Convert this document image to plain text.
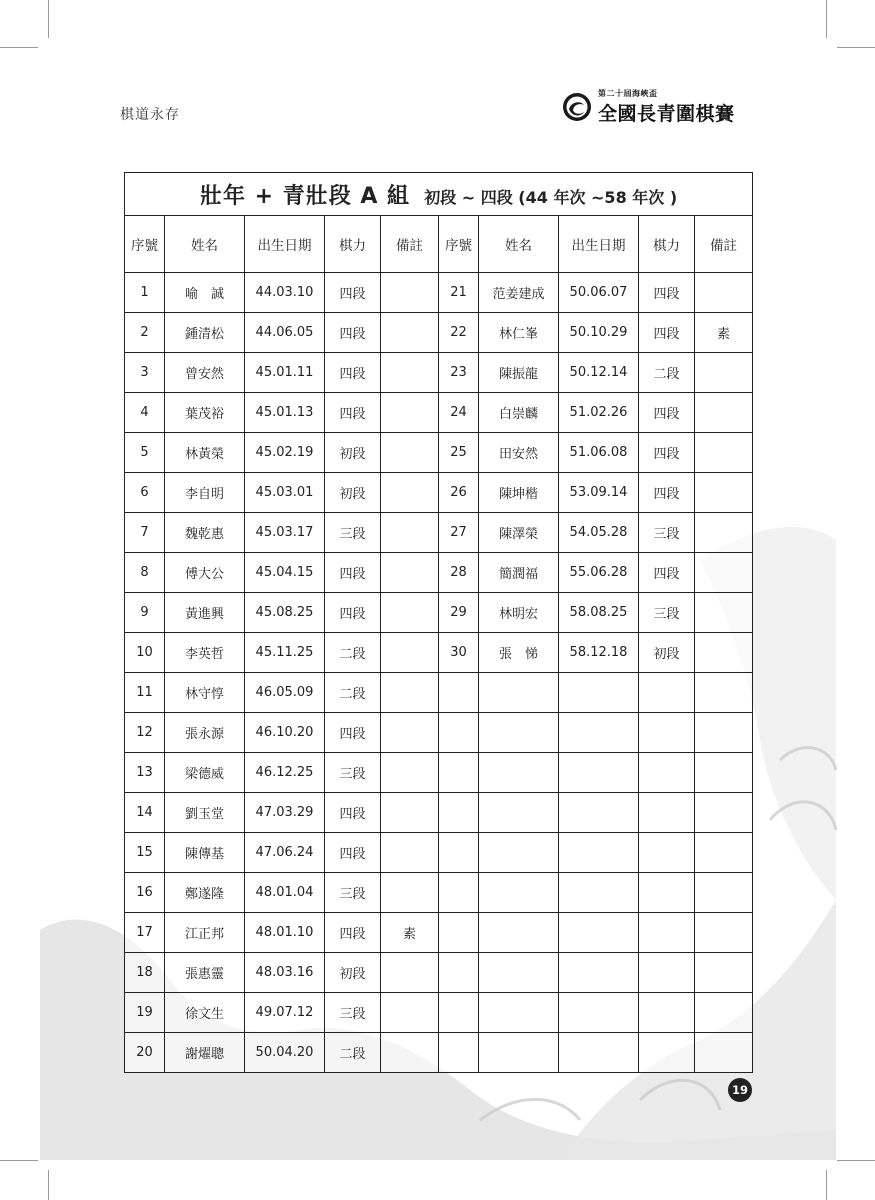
棋道永存
第二十屆海峽盃
全國長青圍棋賽
壯年 + 青壯段 A 組 初段 ~ 四段 (44 年次 ~58 年次 )									
序號	姓名	出生日期	棋力	備註	序號	姓名	出生日期	棋力	備註
1	喻　誠	44.03.10	四段		21	范姜建成	50.06.07	四段	
2	鍾清松	44.06.05	四段		22	林仁峯	50.10.29	四段	素
3	曾安然	45.01.11	四段		23	陳振龍	50.12.14	二段	
4	葉茂裕	45.01.13	四段		24	白崇麟	51.02.26	四段	
5	林黃榮	45.02.19	初段		25	田安然	51.06.08	四段	
6	李自明	45.03.01	初段		26	陳坤楷	53.09.14	四段	
7	魏乾惠	45.03.17	三段		27	陳澤榮	54.05.28	三段	
8	傅大公	45.04.15	四段		28	簡潤福	55.06.28	四段	
9	黃進興	45.08.25	四段		29	林明宏	58.08.25	三段	
10	李英哲	45.11.25	二段		30	張　悌	58.12.18	初段	
11	林守惇	46.05.09	二段						
12	張永源	46.10.20	四段						
13	梁德威	46.12.25	三段						
14	劉玉堂	47.03.29	四段						
15	陳傳基	47.06.24	四段						
16	鄭遂隆	48.01.04	三段						
17	江正邦	48.01.10	四段	素					
18	張惠靈	48.03.16	初段						
19	徐文生	49.07.12	三段						
20	謝燿聰	50.04.20	二段						
19
